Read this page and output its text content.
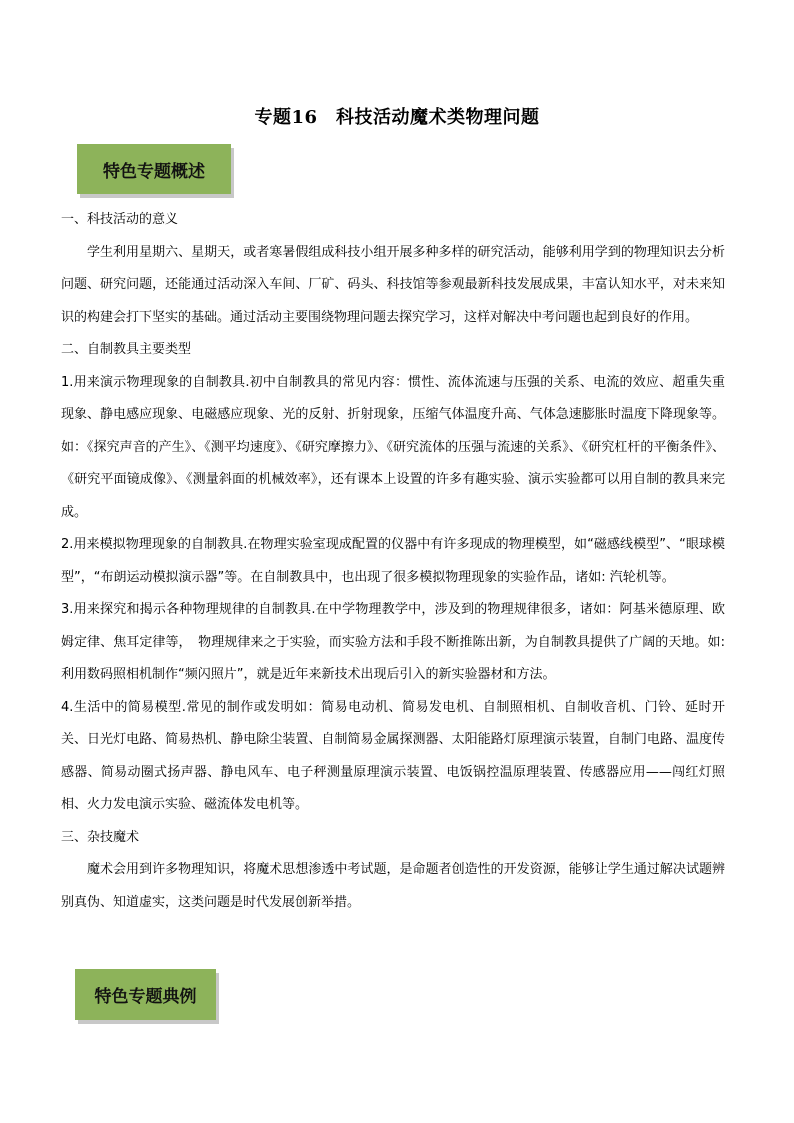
专题16　科技活动魔术类物理问题
特色专题概述

一、科技活动的意义

学生利用星期六、星期天，或者寒暑假组成科技小组开展多种多样的研究活动，能够利用学到的物理知识去分析问题、研究问题，还能通过活动深入车间、厂矿、码头、科技馆等参观最新科技发展成果，丰富认知水平，对未来知识的构建会打下坚实的基础。通过活动主要围绕物理问题去探究学习，这样对解决中考问题也起到良好的作用。

二、自制教具主要类型

1.用来演示物理现象的自制教具.初中自制教具的常见内容：惯性、流体流速与压强的关系、电流的效应、超重失重现象、静电感应现象、电磁感应现象、光的反射、折射现象，压缩气体温度升高、气体急速膨胀时温度下降现象等。如：《探究声音的产生》、《测平均速度》、《研究摩擦力》、《研究流体的压强与流速的关系》、《研究杠杆的平衡条件》、《研究平面镜成像》、《测量斜面的机械效率》，还有课本上设置的许多有趣实验、演示实验都可以用自制的教具来完成。

2.用来模拟物理现象的自制教具.在物理实验室现成配置的仪器中有许多现成的物理模型，如“磁感线模型”、“眼球模型”，“布朗运动模拟演示器”等。在自制教具中，也出现了很多模拟物理现象的实验作品，诸如: 汽轮机等。

3.用来探究和揭示各种物理规律的自制教具.在中学物理教学中，涉及到的物理规律很多，诸如：阿基米德原理、欧姆定律、焦耳定律等，　物理规律来之于实验，而实验方法和手段不断推陈出新，为自制教具提供了广阔的天地。如: 利用数码照相机制作“频闪照片”，就是近年来新技术出现后引入的新实验器材和方法。

4.生活中的简易模型.常见的制作或发明如：简易电动机、简易发电机、自制照相机、自制收音机、门铃、延时开关、日光灯电路、简易热机、静电除尘装置、自制简易金属探测器、太阳能路灯原理演示装置，自制门电路、温度传感器、简易动圈式扬声器、静电风车、电子秤测量原理演示装置、电饭锅控温原理装置、传感器应用——闯红灯照相、火力发电演示实验、磁流体发电机等。

三、杂技魔术

魔术会用到许多物理知识，将魔术思想渗透中考试题，是命题者创造性的开发资源，能够让学生通过解决试题辨别真伪、知道虚实，这类问题是时代发展创新举措。

特色专题典例
